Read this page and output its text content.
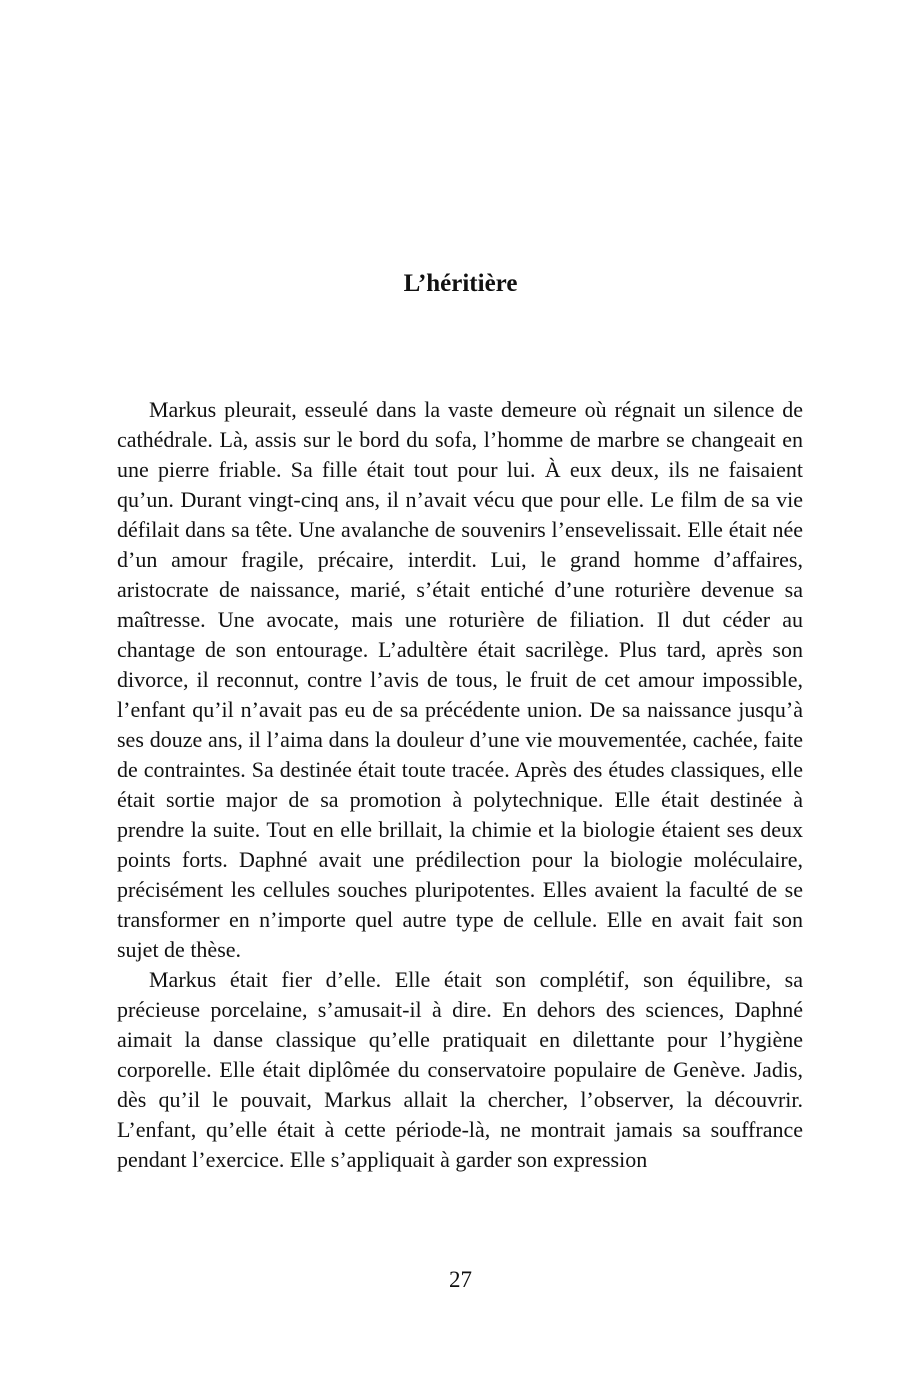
L’héritière

Markus pleurait, esseulé dans la vaste demeure où régnait un silence de cathédrale. Là, assis sur le bord du sofa, l’homme de marbre se changeait en une pierre friable. Sa fille était tout pour lui. À eux deux, ils ne faisaient qu’un. Durant vingt-cinq ans, il n’avait vécu que pour elle. Le film de sa vie défilait dans sa tête. Une avalanche de souvenirs l’ensevelissait. Elle était née d’un amour fragile, précaire, interdit. Lui, le grand homme d’affaires, aristocrate de naissance, marié, s’était entiché d’une roturière devenue sa maîtresse. Une avocate, mais une roturière de filiation. Il dut céder au chantage de son entourage. L’adultère était sacrilège. Plus tard, après son divorce, il reconnut, contre l’avis de tous, le fruit de cet amour impossible, l’enfant qu’il n’avait pas eu de sa précédente union. De sa naissance jusqu’à ses douze ans, il l’aima dans la douleur d’une vie mouvementée, cachée, faite de contraintes. Sa destinée était toute tracée. Après des études classiques, elle était sortie major de sa promotion à polytechnique. Elle était destinée à prendre la suite. Tout en elle brillait, la chimie et la biologie étaient ses deux points forts. Daphné avait une prédilection pour la biologie moléculaire, précisément les cellules souches pluripotentes. Elles avaient la faculté de se transformer en n’importe quel autre type de cellule. Elle en avait fait son sujet de thèse.

Markus était fier d’elle. Elle était son complétif, son équilibre, sa précieuse porcelaine, s’amusait-il à dire. En dehors des sciences, Daphné aimait la danse classique qu’elle pratiquait en dilettante pour l’hygiène corporelle. Elle était diplômée du conservatoire populaire de Genève. Jadis, dès qu’il le pouvait, Markus allait la chercher, l’observer, la découvrir. L’enfant, qu’elle était à cette période-là, ne montrait jamais sa souffrance pendant l’exercice. Elle s’appliquait à garder son expression

27
